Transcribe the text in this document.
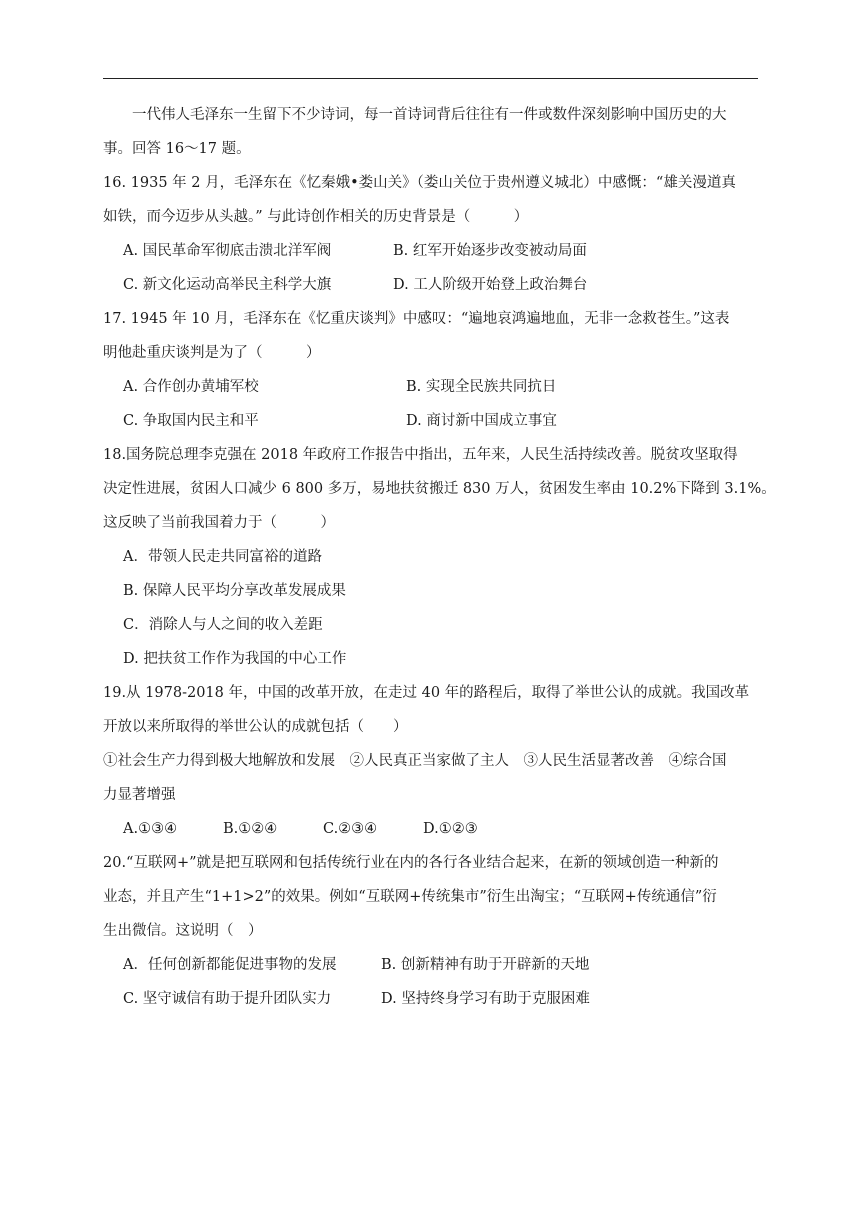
一代伟人毛泽东一生留下不少诗词，每一首诗词背后往往有一件或数件深刻影响中国历史的大
事。回答 16～17 题。
16. 1935 年 2 月，毛泽东在《忆秦娥•娄山关》（娄山关位于贵州遵义城北）中感慨：“雄关漫道真
如铁，而今迈步从头越。” 与此诗创作相关的历史背景是（　　　）
A. 国民革命军彻底击溃北洋军阀	B. 红军开始逐步改变被动局面
C. 新文化运动高举民主科学大旗	D. 工人阶级开始登上政治舞台
17. 1945 年 10 月，毛泽东在《忆重庆谈判》中感叹：“遍地哀鸿遍地血，无非一念救苍生。”这表
明他赴重庆谈判是为了（　　　）
A. 合作创办黄埔军校	B. 实现全民族共同抗日
C. 争取国内民主和平	D. 商讨新中国成立事宜
18.国务院总理李克强在 2018 年政府工作报告中指出，五年来，人民生活持续改善。脱贫攻坚取得
决定性进展，贫困人口减少 6 800 多万，易地扶贫搬迁 830 万人，贫困发生率由 10.2%下降到 3.1%。
这反映了当前我国着力于（　　　）
A．带领人民走共同富裕的道路
B. 保障人民平均分享改革发展成果
C．消除人与人之间的收入差距
D. 把扶贫工作作为我国的中心工作
19.从 1978-2018 年，中国的改革开放，在走过 40 年的路程后，取得了举世公认的成就。我国改革
开放以来所取得的举世公认的成就包括（　　）
①社会生产力得到极大地解放和发展　②人民真正当家做了主人　③人民生活显著改善　④综合国
力显著增强
A.①③④	B.①②④	C.②③④	D.①②③
20.“互联网+”就是把互联网和包括传统行业在内的各行各业结合起来，在新的领域创造一种新的
业态，并且产生“1+1>2”的效果。例如“互联网+传统集市”衍生出淘宝；“互联网+传统通信”衍
生出微信。这说明（　）
A．任何创新都能促进事物的发展	B. 创新精神有助于开辟新的天地
C. 坚守诚信有助于提升团队实力	D. 坚持终身学习有助于克服困难
